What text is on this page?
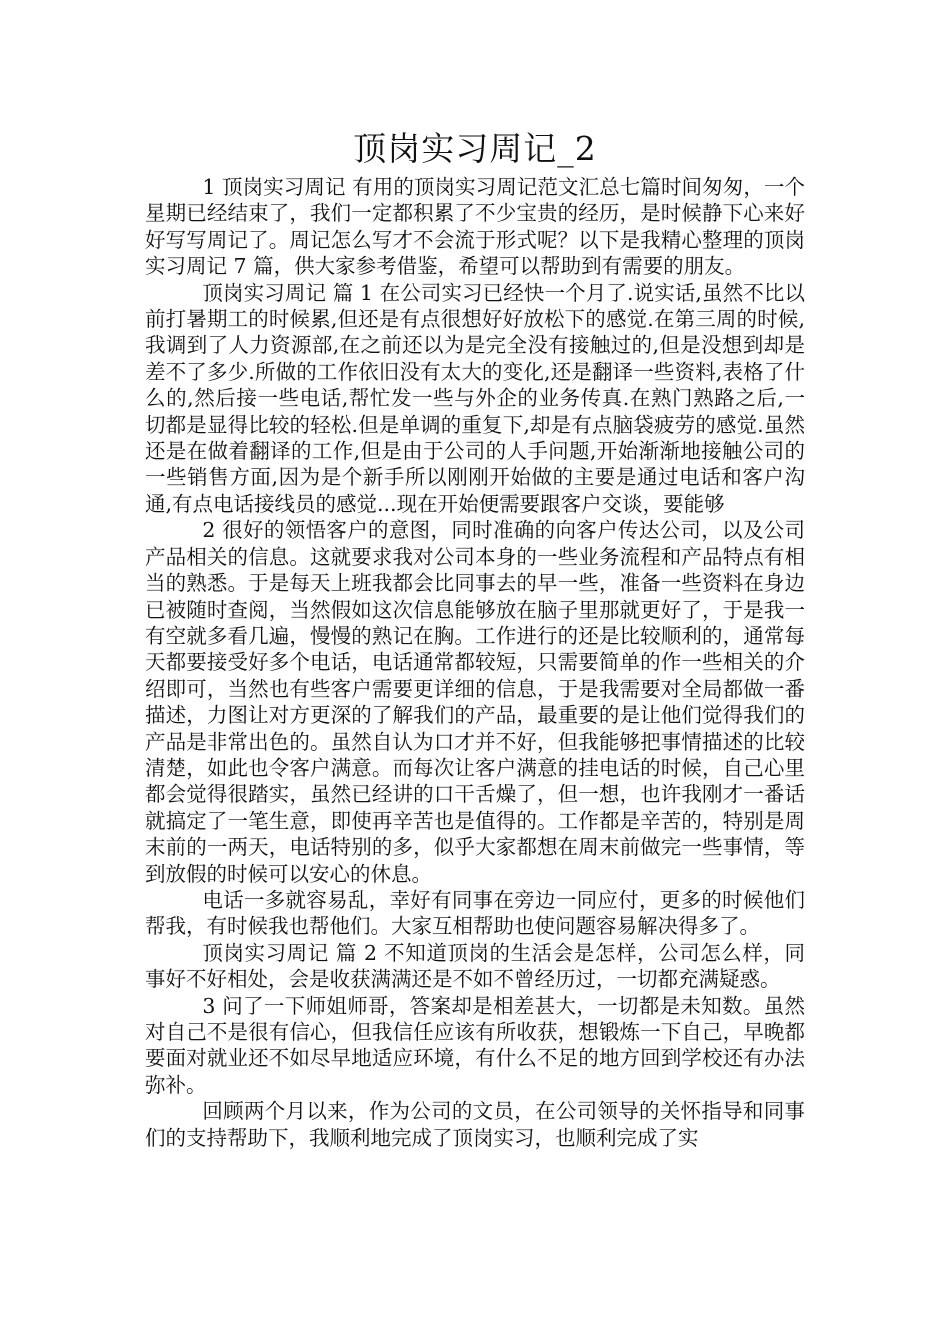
顶岗实习周记_2

1 顶岗实习周记 有用的顶岗实习周记范文汇总七篇时间匆匆，一个星期已经结束了，我们一定都积累了不少宝贵的经历，是时候静下心来好好写写周记了。周记怎么写才不会流于形式呢？以下是我精心整理的顶岗实习周记 7 篇，供大家参考借鉴，希望可以帮助到有需要的朋友。

顶岗实习周记 篇 1 在公司实习已经快一个月了.说实话,虽然不比以前打暑期工的时候累,但还是有点很想好好放松下的感觉.在第三周的时候,我调到了人力资源部,在之前还以为是完全没有接触过的,但是没想到却是差不了多少.所做的工作依旧没有太大的变化,还是翻译一些资料,表格了什么的,然后接一些电话,帮忙发一些与外企的业务传真.在熟门熟路之后,一切都是显得比较的轻松.但是单调的重复下,却是有点脑袋疲劳的感觉.虽然还是在做着翻译的工作,但是由于公司的人手问题,开始渐渐地接触公司的一些销售方面,因为是个新手所以刚刚开始做的主要是通过电话和客户沟通,有点电话接线员的感觉...现在开始便需要跟客户交谈，要能够

2 很好的领悟客户的意图，同时准确的向客户传达公司，以及公司产品相关的信息。这就要求我对公司本身的一些业务流程和产品特点有相当的熟悉。于是每天上班我都会比同事去的早一些，准备一些资料在身边已被随时查阅，当然假如这次信息能够放在脑子里那就更好了，于是我一有空就多看几遍，慢慢的熟记在胸。工作进行的还是比较顺利的，通常每天都要接受好多个电话，电话通常都较短，只需要简单的作一些相关的介绍即可，当然也有些客户需要更详细的信息，于是我需要对全局都做一番描述，力图让对方更深的了解我们的产品，最重要的是让他们觉得我们的产品是非常出色的。虽然自认为口才并不好，但我能够把事情描述的比较清楚，如此也令客户满意。而每次让客户满意的挂电话的时候，自己心里都会觉得很踏实，虽然已经讲的口干舌燥了，但一想，也许我刚才一番话就搞定了一笔生意，即使再辛苦也是值得的。工作都是辛苦的，特别是周末前的一两天，电话特别的多，似乎大家都想在周末前做完一些事情，等到放假的时候可以安心的休息。

电话一多就容易乱，幸好有同事在旁边一同应付，更多的时候他们帮我，有时候我也帮他们。大家互相帮助也使问题容易解决得多了。

顶岗实习周记 篇 2 不知道顶岗的生活会是怎样，公司怎么样，同事好不好相处，会是收获满满还是不如不曾经历过，一切都充满疑惑。

3 问了一下师姐师哥，答案却是相差甚大，一切都是未知数。虽然对自己不是很有信心，但我信任应该有所收获，想锻炼一下自己，早晚都要面对就业还不如尽早地适应环境，有什么不足的地方回到学校还有办法弥补。

回顾两个月以来，作为公司的文员，在公司领导的关怀指导和同事们的支持帮助下，我顺利地完成了顶岗实习，也顺利完成了实
